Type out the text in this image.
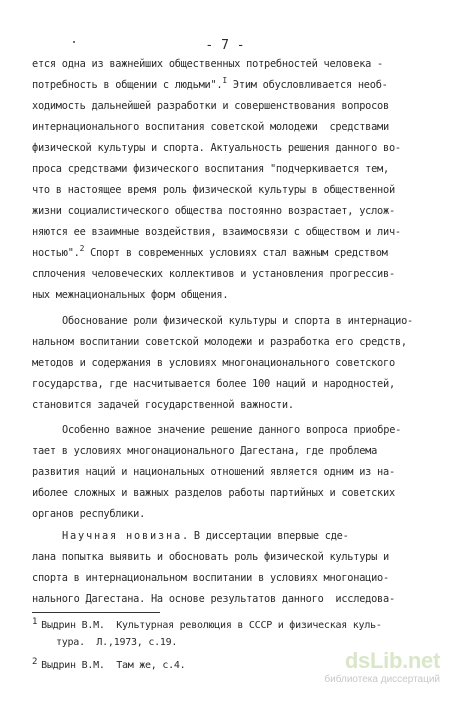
- 7 -
ется одна из важнейших общественных потребностей человека -
потребность в общении с людьми".$^I$ Этим обусловливается необ-
ходимость дальнейшей разработки и совершенствования вопросов
интернационального воспитания советской молодежи  средствами
физической культуры и спорта. Актуальность решения данного во-
проса средствами физического воспитания "подчеркивается тем,
что в настоящее время роль физической культуры в общественной
жизни социалистического общества постоянно возрастает, услож-
няются ее взаимные воздействия, взаимосвязи с обществом и лич-
ностью".$^2$ Спорт в современных условиях стал важным средством
сплочения человеческих коллективов и установления прогрессив-
ных межнациональных форм общения.
Обоснование роли физической культуры и спорта в интернацио-
нальном воспитании советской молодежи и разработка его средств,
методов и содержания в условиях многонационального советского
государства, где насчитывается более 100 наций и народностей,
становится задачей государственной важности.
Особенно важное значение решение данного вопроса приобре-
тает в условиях многонационального Дагестана, где проблема
развития наций и национальных отношений является одним из на-
иболее сложных и важных разделов работы партийных и советских
органов республики.
Научная новизна. В диссертации впервые сде-
лана попытка выявить и обосновать роль физической культуры и
спорта в интернациональном воспитании в условиях многонацио-
нального Дагестана. На основе результатов данного  исследова-
1 Выдрин В.М.  Культурная революция в СССР и физическая куль-
тура.  Л.,1973, с.19.
2 Выдрин В.М.  Там же, с.4.	dsLib.net
библиотека диссертаций
